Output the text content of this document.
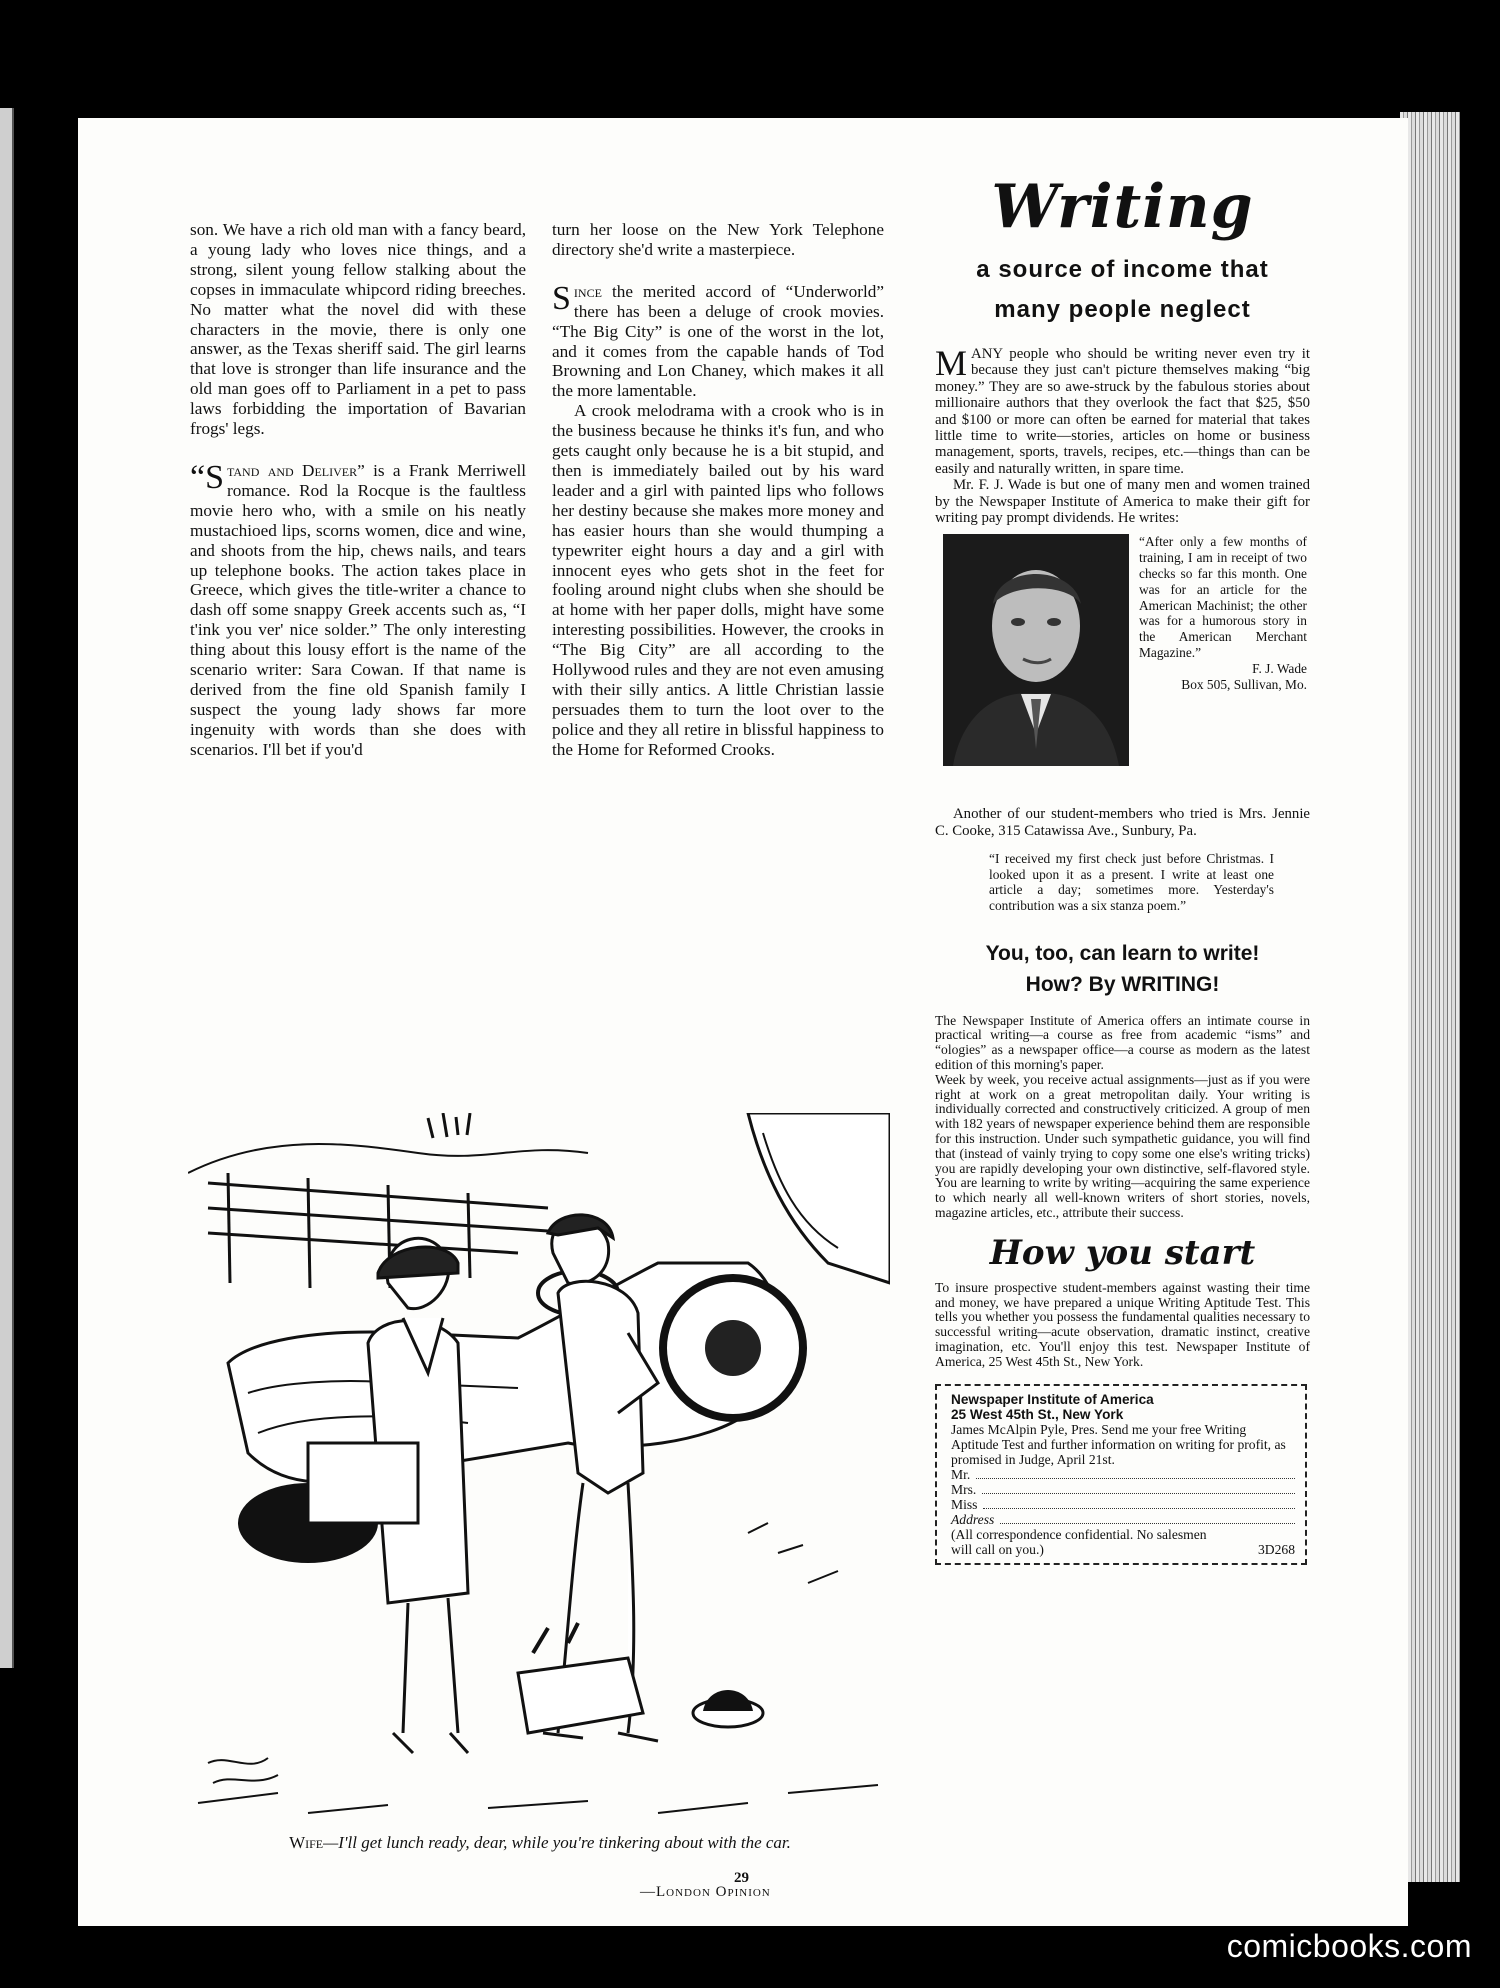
son. We have a rich old man with a fancy beard, a young lady who loves nice things, and a strong, silent young fellow stalking about the copses in immaculate whipcord riding breeches. No matter what the novel did with these characters in the movie, there is only one answer, as the Texas sheriff said. The girl learns that love is stronger than life insurance and the old man goes off to Parliament in a pet to pass laws forbidding the importation of Bavarian frogs' legs.

“Stand and Deliver” is a Frank Merriwell romance. Rod la Rocque is the faultless movie hero who, with a smile on his neatly mustachioed lips, scorns women, dice and wine, and shoots from the hip, chews nails, and tears up telephone books. The action takes place in Greece, which gives the title-writer a chance to dash off some snappy Greek accents such as, “I t'ink you ver' nice solder.” The only interesting thing about this lousy effort is the name of the scenario writer: Sara Cowan. If that name is derived from the fine old Spanish family I suspect the young lady shows far more ingenuity with words than she does with scenarios. I'll bet if you'd

turn her loose on the New York Telephone directory she'd write a masterpiece.

Since the merited accord of “Underworld” there has been a deluge of crook movies. “The Big City” is one of the worst in the lot, and it comes from the capable hands of Tod Browning and Lon Chaney, which makes it all the more lamentable.

A crook melodrama with a crook who is in the business because he thinks it's fun, and who gets caught only because he is a bit stupid, and then is immediately bailed out by his ward leader and a girl with painted lips who follows her destiny because she makes more money and has easier hours than she would thumping a typewriter eight hours a day and a girl with innocent eyes who gets shot in the feet for fooling around night clubs when she should be at home with her paper dolls, might have some interesting possibilities. However, the crooks in “The Big City” are all according to the Hollywood rules and they are not even amusing with their silly antics. A little Christian lassie persuades them to turn the loot over to the police and they all retire in blissful happiness to the Home for Reformed Crooks.

Wife—I'll get lunch ready, dear, while you're tinkering about with the car.
—London Opinion
Writing
a source of income that
many people neglect

MANY people who should be writing never even try it because they just can't picture themselves making “big money.” They are so awe-struck by the fabulous stories about millionaire authors that they overlook the fact that $25, $50 and $100 or more can often be earned for material that takes little time to write—stories, articles on home or business management, sports, travels, recipes, etc.—things than can be easily and naturally written, in spare time.

Mr. F. J. Wade is but one of many men and women trained by the Newspaper Institute of America to make their gift for writing pay prompt dividends. He writes:

“After only a few months of training, I am in receipt of two checks so far this month. One was for an article for the American Machinist; the other was for a humorous story in the American Merchant Magazine.”

F. J. Wade

Box 505, Sullivan, Mo.

Another of our student-members who tried is Mrs. Jennie C. Cooke, 315 Catawissa Ave., Sunbury, Pa.

“I received my first check just before Christmas. I looked upon it as a present. I write at least one article a day; sometimes more. Yesterday's contribution was a six stanza poem.”

You, too, can learn to write!
How? By WRITING!

The Newspaper Institute of America offers an intimate course in practical writing—a course as free from academic “isms” and “ologies” as a newspaper office—a course as modern as the latest edition of this morning's paper.

Week by week, you receive actual assignments—just as if you were right at work on a great metropolitan daily. Your writing is individually corrected and constructively criticized. A group of men with 182 years of newspaper experience behind them are responsible for this instruction. Under such sympathetic guidance, you will find that (instead of vainly trying to copy some one else's writing tricks) you are rapidly developing your own distinctive, self-flavored style. You are learning to write by writing—acquiring the same experience to which nearly all well-known writers of short stories, novels, magazine articles, etc., attribute their success.

How you start

To insure prospective student-members against wasting their time and money, we have prepared a unique Writing Aptitude Test. This tells you whether you possess the fundamental qualities necessary to successful writing—acute observation, dramatic instinct, creative imagination, etc. You'll enjoy this test. Newspaper Institute of America, 25 West 45th St., New York.

Newspaper Institute of America
25 West 45th St., New York
James McAlpin Pyle, Pres. Send me your free Writing Aptitude Test and further information on writing for profit, as promised in Judge, April 21st.
Mr.
Mrs.
Miss
Address
(All correspondence confidential. No salesmen will call on you.)	3D268
29
comicbooks.com
